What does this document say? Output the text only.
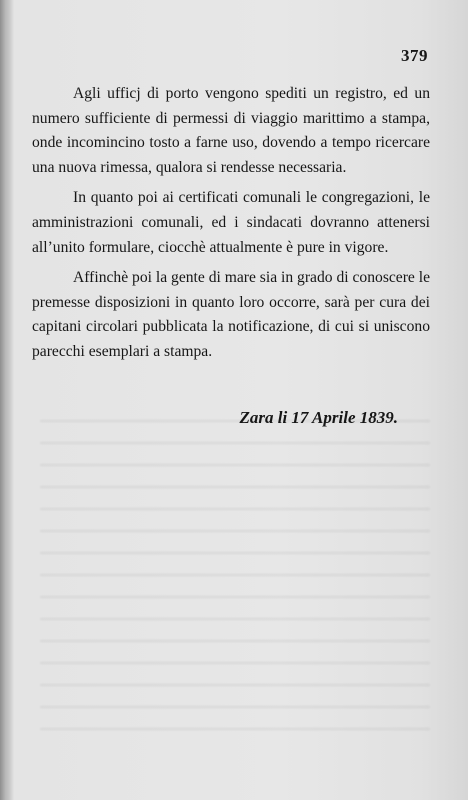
379

Agli ufficj di porto vengono spediti un registro, ed un numero sufficiente di permessi di viaggio marittimo a stampa, onde incomincino tosto a farne uso, dovendo a tempo ricercare una nuova rimessa, qualora si rendesse necessaria.

In quanto poi ai certificati comunali le congregazioni, le amministrazioni comunali, ed i sindacati dovranno attenersi all’unito formulare, ciocchè attualmente è pure in vigore.

Affinchè poi la gente di mare sia in grado di conoscere le premesse disposizioni in quanto loro occorre, sarà per cura dei capitani circolari pubblicata la notificazione, di cui si uniscono parecchi esemplari a stampa.

Zara li 17 Aprile 1839.
